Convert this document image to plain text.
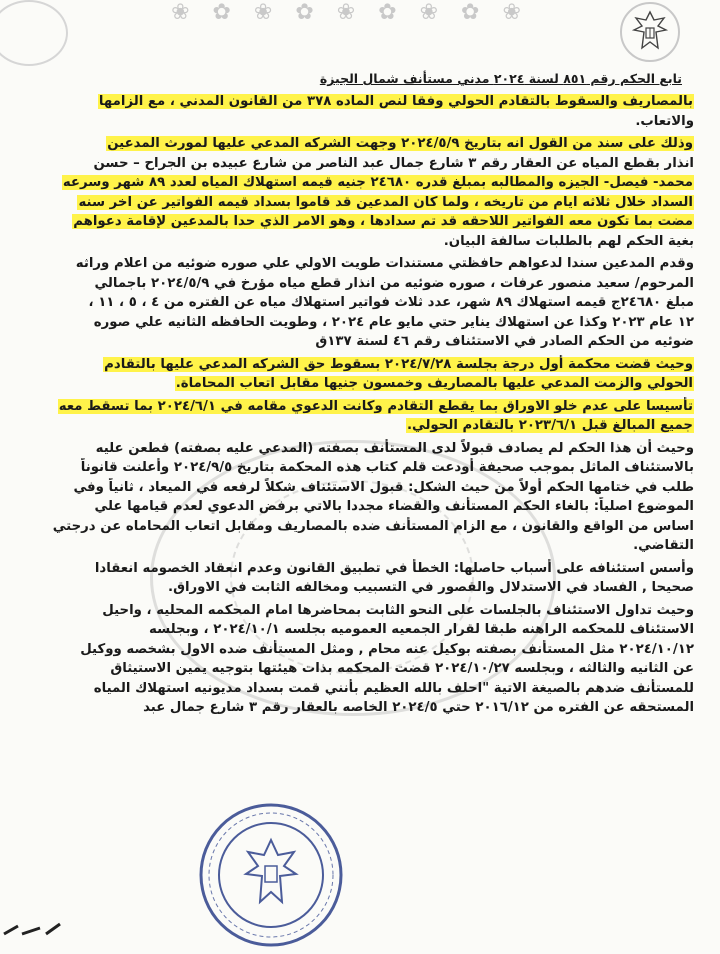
❀ ✿ ❀ ✿ ❀ ✿ ❀ ✿ ❀
تابع الحكم رقم ٨٥١ لسنة ٢٠٢٤ مدني مستأنف شمال الجيزة
بالمصاريف والسقوط بالتقادم الحولي وفقا لنص الماده ٣٧٨ من القانون المدني ، مع الزامها
والاتعاب.
وذلك على سند من القول انه بتاريخ ٢٠٢٤/٥/٩ وجهت الشركه المدعي عليها لمورث المدعين
انذار بقطع المياه عن العقار رقم ٣ شارع جمال عبد الناصر من شارع عبيده بن الجراح – حسن
محمد- فيصل- الجيزه والمطالبه بمبلغ قدره ٢٤٦٨٠ جنيه قيمه استهلاك المياه لعدد ٨٩ شهر وسرعه
السداد خلال ثلاثه ايام من تاريخه ، ولما كان المدعين قد قاموا بسداد قيمه الفواتير عن اخر سنه
مضت بما تكون معه الفواتير اللاحقه قد تم سدادها ، وهو الامر الذي حدا بالمدعين لإقامة دعواهم
بغية الحكم لهم بالطلبات سالفة البيان.
وقدم المدعين سندا لدعواهم حافظتي مستندات طويت الاولي علي صوره ضوئيه من اعلام وراثه
المرحوم/ سعيد منصور عرفات ، صوره ضوئيه من انذار قطع مياه مؤرخ في ٢٠٢٤/٥/٩ باجمالي
مبلغ ٢٤٦٨٠ج قيمه استهلاك ٨٩ شهر، عدد ثلاث فواتير استهلاك مياه عن الفتره من ٤ ، ٥ ، ١١ ،
١٢ عام ٢٠٢٣ وكذا عن استهلاك يناير حتي مايو عام ٢٠٢٤ ، وطويت الحافظه الثانيه علي صوره
ضوئيه من الحكم الصادر في الاستئناف رقم ٤٦ لسنة ١٣٧ق
وحيث قضت محكمة أول درجة بجلسة ٢٠٢٤/٧/٢٨ بسقوط حق الشركه المدعي عليها بالتقادم
الحولي والزمت المدعي عليها بالمصاريف وخمسون جنيها مقابل اتعاب المحاماة.
تأسيسا على عدم خلو الاوراق بما يقطع التقادم وكانت الدعوي مقامه في ٢٠٢٤/٦/١ بما تسقط معه
جميع المبالغ قبل ٢٠٢٣/٦/١ بالتقادم الحولي.
وحيث أن هذا الحكم لم يصادف قبولاً لدى المستأنف بصفته (المدعي عليه بصفته) فطعن عليه
بالاستئناف الماثل بموجب صحيفة أودعت قلم كتاب هذه المحكمة بتاريخ ٢٠٢٤/٩/٥ وأعلنت قانوناً
طلب في ختامها الحكم أولاً من حيث الشكل: قبول الاستئناف شكلاً لرفعه في الميعاد ، ثانياً وفي
الموضوع اصلياً: بالغاء الحكم المستأنف والقضاء مجددا بالاتي برفض الدعوي لعدم قيامها علي
اساس من الواقع والقانون ، مع الزام المستأنف ضده بالمصاريف ومقابل اتعاب المحاماه عن درجتي
التقاضي.
وأسس استئنافه على أسباب حاصلها: الخطأ في تطبيق القانون وعدم انعقاد الخصومه انعقادا
صحيحا , الفساد في الاستدلال والقصور في التسبيب ومخالفه الثابت في الاوراق.
وحيث تداول الاستئناف بالجلسات على النحو الثابت بمحاضرها امام المحكمه المحليه ، واحيل
الاستئناف للمحكمه الراهنه طبقا لقرار الجمعيه العموميه بجلسه ٢٠٢٤/١٠/١ ، وبجلسه
٢٠٢٤/١٠/١٢ مثل المستأنف بصفته بوكيل عنه محام , ومثل المستأنف ضده الاول بشخصه ووكيل
عن الثانيه والثالثه ، وبجلسه ٢٠٢٤/١٠/٢٧ قضت المحكمه بذات هيئتها بتوجيه يمين الاستيثاق
للمستأنف ضدهم بالصيغة الاتية "احلف بالله العظيم بأنني قمت بسداد مديونيه استهلاك المياه
المستحقه عن الفتره من ٢٠١٦/١٢ حتي ٢٠٢٤/٥ الخاصه بالعقار رقم ٣ شارع جمال عبد
